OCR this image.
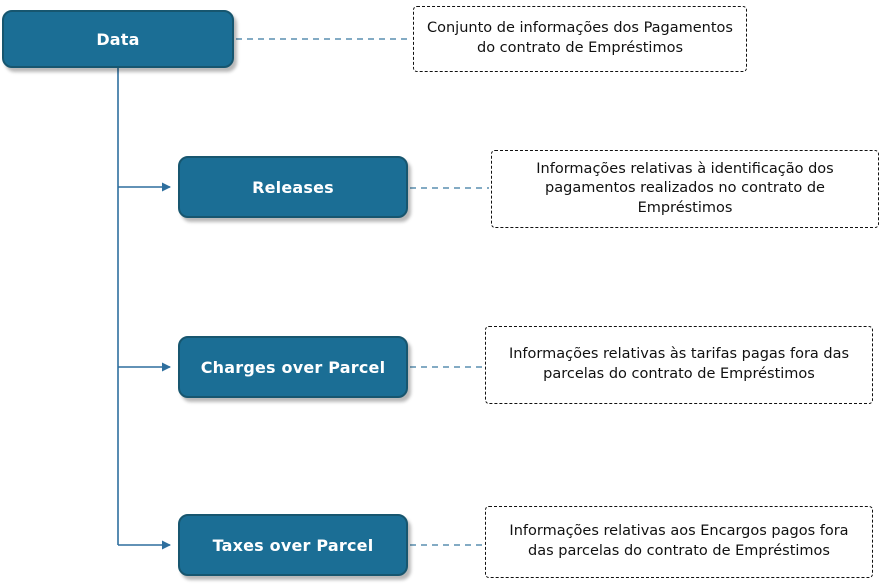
Data
Releases
Charges over Parcel
Taxes over Parcel
Conjunto de informações dos Pagamentos do contrato de Empréstimos
Informações relativas à identificação dos pagamentos realizados no contrato de Empréstimos
Informações relativas às tarifas pagas fora das parcelas do contrato de Empréstimos
Informações relativas aos Encargos pagos fora das parcelas do contrato de Empréstimos
